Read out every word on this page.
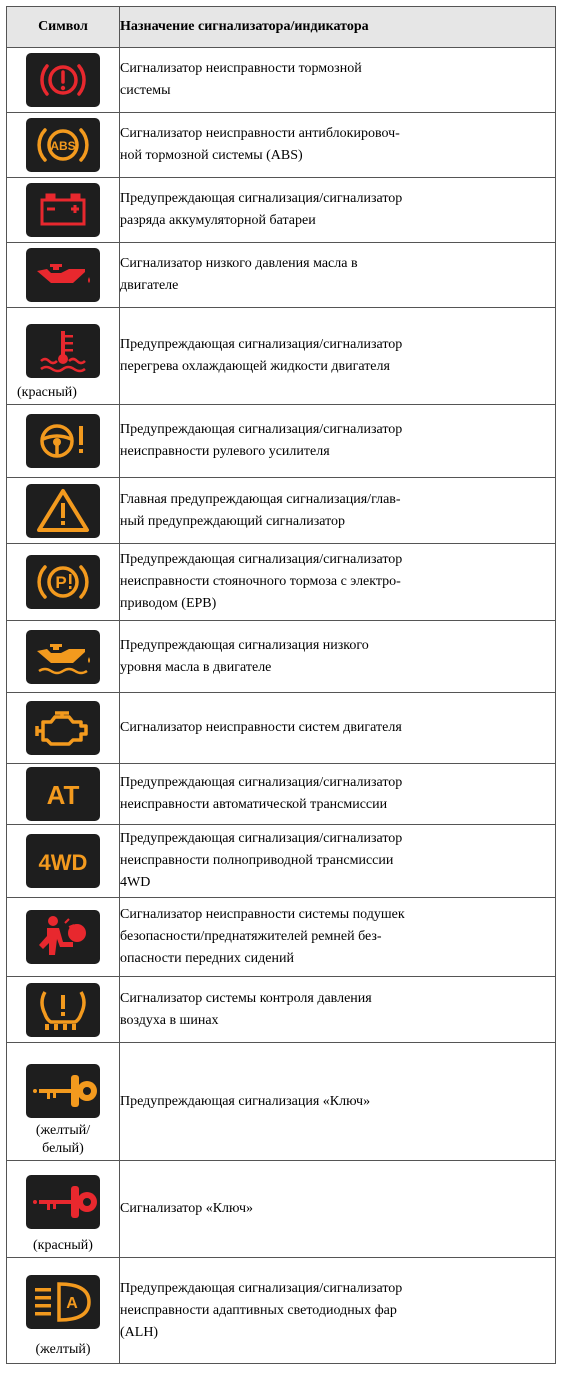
Символ	Назначение сигнализатора/индикатора

	Сигнализатор неисправности тормозной
системы

ABS	Сигнализатор неисправности антиблокировоч-
ной тормозной системы (ABS)

	Предупреждающая сигнализация/сигнализатор
разряда аккумуляторной батареи

	Сигнализатор низкого давления масла в
двигателе

(красный)	Предупреждающая сигнализация/сигнализатор
перегрева охлаждающей жидкости двигателя

	Предупреждающая сигнализация/сигнализатор
неисправности рулевого усилителя

	Главная предупреждающая сигнализация/глав-
ный предупреждающий сигнализатор

P	Предупреждающая сигнализация/сигнализатор
неисправности стояночного тормоза с электро-
приводом (EPB)

	Предупреждающая сигнализация низкого
уровня масла в двигателе

	Сигнализатор неисправности систем двигателя

AT	Предупреждающая сигнализация/сигнализатор
неисправности автоматической трансмиссии

4WD	Предупреждающая сигнализация/сигнализатор
неисправности полноприводной трансмиссии
4WD

	Сигнализатор неисправности системы подушек
безопасности/преднатяжителей ремней без-
опасности передних сидений

	Сигнализатор системы контроля давления
воздуха в шинах

(желтый/
белый)	Предупреждающая сигнализация «Ключ»

(красный)	Сигнализатор «Ключ»

A
(желтый)	Предупреждающая сигнализация/сигнализатор
неисправности адаптивных светодиодных фар
(ALH)
